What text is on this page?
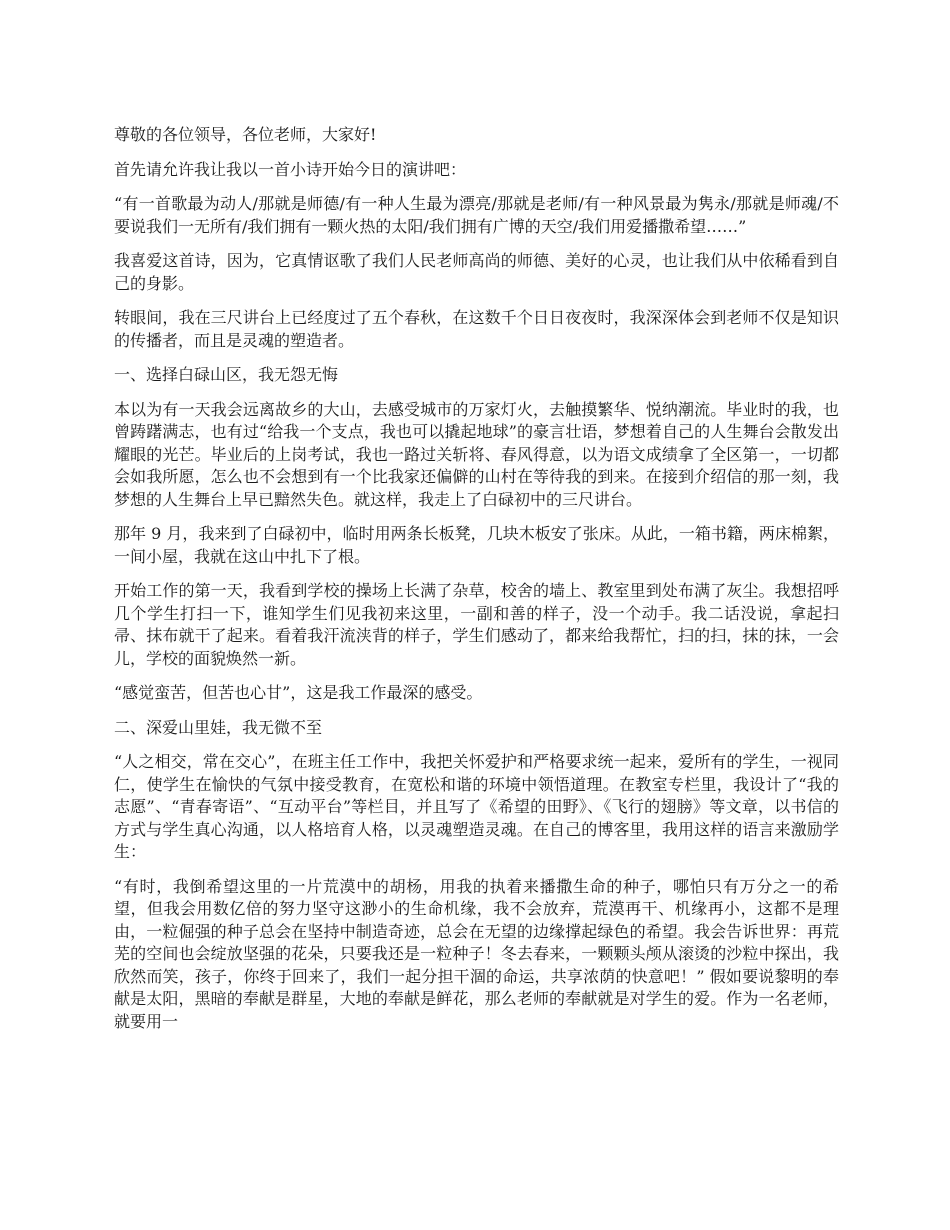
尊敬的各位领导，各位老师，大家好!

首先请允许我让我以一首小诗开始今日的演讲吧：

“有一首歌最为动人/那就是师德/有一种人生最为漂亮/那就是老师/有一种风景最为隽永/那就是师魂/不要说我们一无所有/我们拥有一颗火热的太阳/我们拥有广博的天空/我们用爱播撒希望……”

我喜爱这首诗，因为，它真情讴歌了我们人民老师高尚的师德、美好的心灵，也让我们从中依稀看到自己的身影。

转眼间，我在三尺讲台上已经度过了五个春秋，在这数千个日日夜夜时，我深深体会到老师不仅是知识的传播者，而且是灵魂的塑造者。

一、选择白碌山区，我无怨无悔

本以为有一天我会远离故乡的大山，去感受城市的万家灯火，去触摸繁华、悦纳潮流。毕业时的我，也曾踌躇满志，也有过“给我一个支点，我也可以撬起地球”的豪言壮语，梦想着自己的人生舞台会散发出耀眼的光芒。毕业后的上岗考试，我也一路过关斩将、春风得意，以为语文成绩拿了全区第一，一切都会如我所愿，怎么也不会想到有一个比我家还偏僻的山村在等待我的到来。在接到介绍信的那一刻，我梦想的人生舞台上早已黯然失色。就这样，我走上了白碌初中的三尺讲台。

那年 9 月，我来到了白碌初中，临时用两条长板凳，几块木板安了张床。从此，一箱书籍，两床棉絮，一间小屋，我就在这山中扎下了根。

开始工作的第一天，我看到学校的操场上长满了杂草，校舍的墙上、教室里到处布满了灰尘。我想招呼几个学生打扫一下，谁知学生们见我初来这里，一副和善的样子，没一个动手。我二话没说，拿起扫帚、抹布就干了起来。看着我汗流浃背的样子，学生们感动了，都来给我帮忙，扫的扫，抹的抹，一会儿，学校的面貌焕然一新。

“感觉蛮苦，但苦也心甘”，这是我工作最深的感受。

二、深爱山里娃，我无微不至

“人之相交，常在交心”，在班主任工作中，我把关怀爱护和严格要求统一起来，爱所有的学生，一视同仁，使学生在愉快的气氛中接受教育，在宽松和谐的环境中领悟道理。在教室专栏里，我设计了“我的志愿”、“青春寄语”、“互动平台”等栏目，并且写了《希望的田野》、《飞行的翅膀》等文章，以书信的方式与学生真心沟通，以人格培育人格，以灵魂塑造灵魂。在自己的博客里，我用这样的语言来激励学生：

“有时，我倒希望这里的一片荒漠中的胡杨，用我的执着来播撒生命的种子，哪怕只有万分之一的希望，但我会用数亿倍的努力坚守这渺小的生命机缘，我不会放弃，荒漠再干、机缘再小，这都不是理由，一粒倔强的种子总会在坚持中制造奇迹，总会在无望的边缘撑起绿色的希望。我会告诉世界：再荒芜的空间也会绽放坚强的花朵，只要我还是一粒种子！冬去春来，一颗颗头颅从滚烫的沙粒中探出，我欣然而笑，孩子，你终于回来了，我们一起分担干涸的命运，共享浓荫的快意吧！” 假如要说黎明的奉献是太阳，黑暗的奉献是群星，大地的奉献是鲜花，那么老师的奉献就是对学生的爱。作为一名老师，就要用一
